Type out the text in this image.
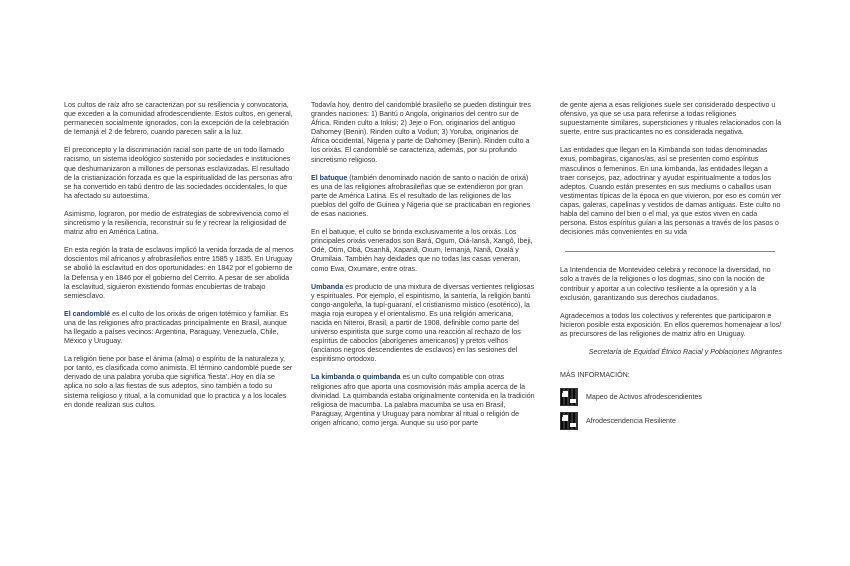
Los cultos de raíz afro se caracterizan por su resiliencia y convocatoria, que exceden a la comunidad afrodescendiente. Estos cultos, en general, permanecen socialmente ignorados, con la excepción de la celebración de Iemanjá el 2 de febrero, cuando parecen salir a la luz.

El preconcepto y la discriminación racial son parte de un todo llamado racismo, un sistema ideológico sostenido por sociedades e instituciones que deshumanizaron a millones de personas esclavizadas. El resultado de la cristianización forzada es que la espiritualidad de las personas afro se ha convertido en tabú dentro de las sociedades occidentales, lo que ha afectado su autoestima.

Asimismo, lograron, por medio de estrategias de sobrevivencia como el sincretismo y la resiliencia, reconstruir su fe y recrear la religiosidad de matriz afro en América Latina.

En esta región la trata de esclavos implicó la venida forzada de al menos doscientos mil africanos y afrobrasileños entre 1585 y 1835. En Uruguay se abolió la esclavitud en dos oportunidades: en 1842 por el gobierno de la Defensa y en 1846 por el gobierno del Cerrito. A pesar de ser abolida la esclavitud, siguieron existiendo formas encubiertas de trabajo semiesclavo.

El candomblé es el culto de los orixás de origen totémico y familiar. Es una de las religiones afro practicadas principalmente en Brasil, aunque ha llegado a países vecinos: Argentina, Paraguay, Venezuela, Chile, México y Uruguay.

La religión tiene por base el ánima (alma) o espíritu de la naturaleza y, por tanto, es clasificada como animista. El término candomblé puede ser derivado de una palabra yoruba que significa 'fiesta'. Hoy en día se aplica no solo a las fiestas de sus adeptos, sino también a todo su sistema religioso y ritual, a la comunidad que lo practica y a los locales en donde realizan sus cultos.

Todavía hoy, dentro del candomblé brasileño se pueden distinguir tres grandes naciones: 1) Bantú o Angola, originarios del centro sur de África. Rinden culto a Inkisi; 2) Jeje o Fon, originarios del antiguo Dahomey (Benin). Rinden culto a Vodun; 3) Yoruba, originarios de África occidental, Nigeria y parte de Dahomey (Benin). Rinden culto a los orixás. El candomblé se caracteriza, además, por su profundo sincretismo religioso.

El batuque (también denominado nación de santo o nación de orixá) es una de las religiones afrobrasileñas que se extendieron por gran parte de América Latina. Es el resultado de las religiones de los pueblos del golfo de Guinea y Nigeria que se practicaban en regiones de esas naciones.

En el batuque, el culto se brinda exclusivamente a los orixás. Los principales orixás venerados son Bará, Ogum, Oiá-Iansã, Xangô, Ibeji, Odé, Otim, Obá, Osanhã, Xapanã, Oxum, Iemanjá, Nanã, Oxalá y Orumilaia. También hay deidades que no todas las casas veneran, como Ewa, Oxumare, entre otras.

Umbanda es producto de una mixtura de diversas vertientes religiosas y espirituales. Por ejemplo, el espiritismo, la santería, la religión bantú congo-angoleña, la tupí-guaraní, el cristianismo místico (esotérico), la magia roja europea y el orientalismo. Es una religión americana, nacida en Niteroi, Brasil, a partir de 1908, definible como parte del universo espiritista que surge como una reacción al rechazo de los espíritus de caboclos (aborígenes americanos) y pretos velhos (ancianos negros descendientes de esclavos) en las sesiones del espiritismo ortodoxo.

La kimbanda o quimbanda es un culto compatible con otras religiones afro que aporta una cosmovisión más amplia acerca de la divinidad. La quimbanda estaba originalmente contenida en la tradición religiosa de macumba. La palabra macumba se usa en Brasil, Paraguay, Argentina y Uruguay para nombrar al ritual o religión de origen africano, como jerga. Aunque su uso por parte

de gente ajena a esas religiones suele ser considerado despectivo u ofensivo, ya que se usa para referirse a todas religiones supuestamente similares, supersticiones y rituales relacionados con la suerte, entre sus practicantes no es considerada negativa.

Las entidades que llegan en la Kimbanda son todas denominadas exus, pombagiras, ciganos/as, así se presenten como espíritus masculinos o femeninos. En una kimbanda, las entidades llegan a traer consejos, paz, adoctrinar y ayudar espiritualmente a todos los adeptos. Cuando están presentes en sus mediums o caballos usan vestimentas típicas de la época en que vivieron, por eso es común ver capas, galeras, capelinas y vestidos de damas antiguas. Este culto no habla del camino del bien o el mal, ya que estos viven en cada persona. Estos espíritus guían a las personas a través de los pasos o decisiones más convenientes en su vida

La Intendencia de Montevideo celebra y reconoce la diversidad, no solo a través de la religiones o los dogmas, sino con la noción de contribuir y aportar a un colectivo resiliente a la opresión y a la exclusión, garantizando sus derechos ciudadanos.

Agradecemos a todos los colectivos y referentes que participaron e hicieron posible esta exposición. En ellos queremos homenajear a los/ as precursores de las religiones de matriz afro en Uruguay.

Secretaría de Equidad Étnico Racial y Poblaciones Migrantes

MÁS INFORMACIÓN:
Mapeo de Activos afrodescendientes
Afrodescendencia Resiliente
